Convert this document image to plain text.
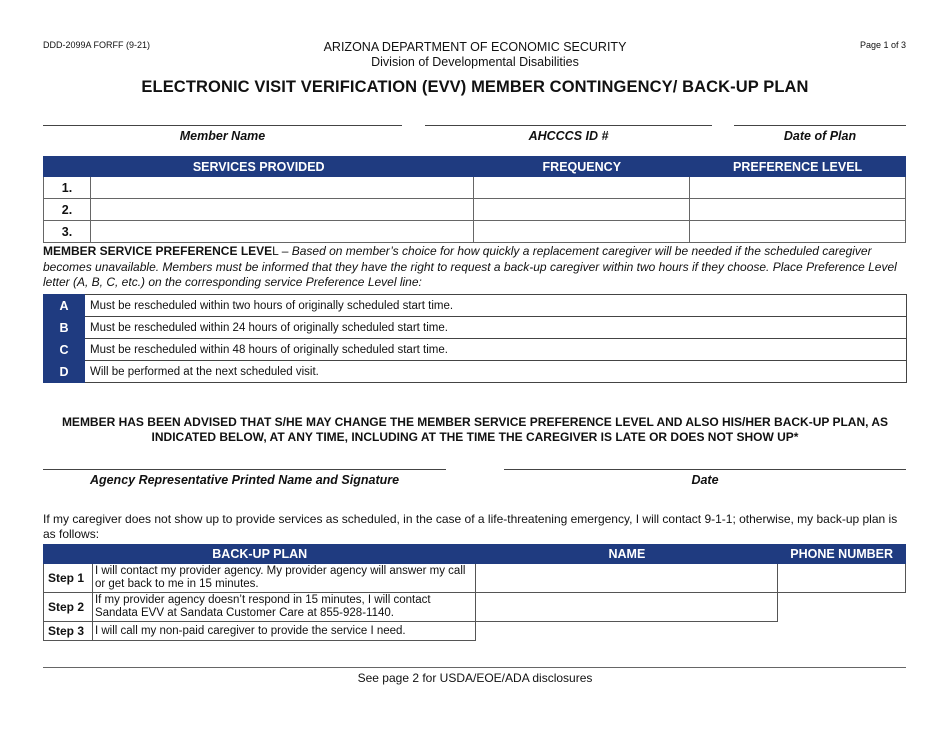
DDD-2099A FORFF (9-21)	ARIZONA DEPARTMENT OF ECONOMIC SECURITY
Division of Developmental Disabilities
Page 1 of 3
ELECTRONIC VISIT VERIFICATION (EVV) MEMBER CONTINGENCY/ BACK-UP PLAN
Member Name	AHCCCS ID #	Date of Plan
SERVICES PROVIDED		FREQUENCY	PREFERENCE LEVEL
1.			
2.			
3.			
MEMBER SERVICE PREFERENCE LEVEL – Based on member’s choice for how quickly a replacement caregiver will be needed if the scheduled caregiver becomes unavailable. Members must be informed that they have the right to request a back-up caregiver within two hours if they choose. Place Preference Level letter (A, B, C, etc.) on the corresponding service Preference Level line:
A	Must be rescheduled within two hours of originally scheduled start time.
B	Must be rescheduled within 24 hours of originally scheduled start time.
C	Must be rescheduled within 48 hours of originally scheduled start time.
D	Will be performed at the next scheduled visit.
MEMBER HAS BEEN ADVISED THAT S/HE MAY CHANGE THE MEMBER SERVICE PREFERENCE LEVEL AND ALSO HIS/HER BACK-UP PLAN, AS INDICATED BELOW, AT ANY TIME, INCLUDING AT THE TIME THE CAREGIVER IS LATE OR DOES NOT SHOW UP*
Agency Representative Printed Name and Signature	Date
If my caregiver does not show up to provide services as scheduled, in the case of a life-threatening emergency, I will contact 9-1-1; otherwise, my back-up plan is as follows:
BACK-UP PLAN		NAME	PHONE NUMBER
Step 1	I will contact my provider agency. My provider agency will answer my call or get back to me in 15 minutes.		
Step 2	If my provider agency doesn’t respond in 15 minutes, I will contact Sandata EVV at Sandata Customer Care at 855-928-1140.		
Step 3	I will call my non-paid caregiver to provide the service I need.		
See page 2 for USDA/EOE/ADA disclosures
